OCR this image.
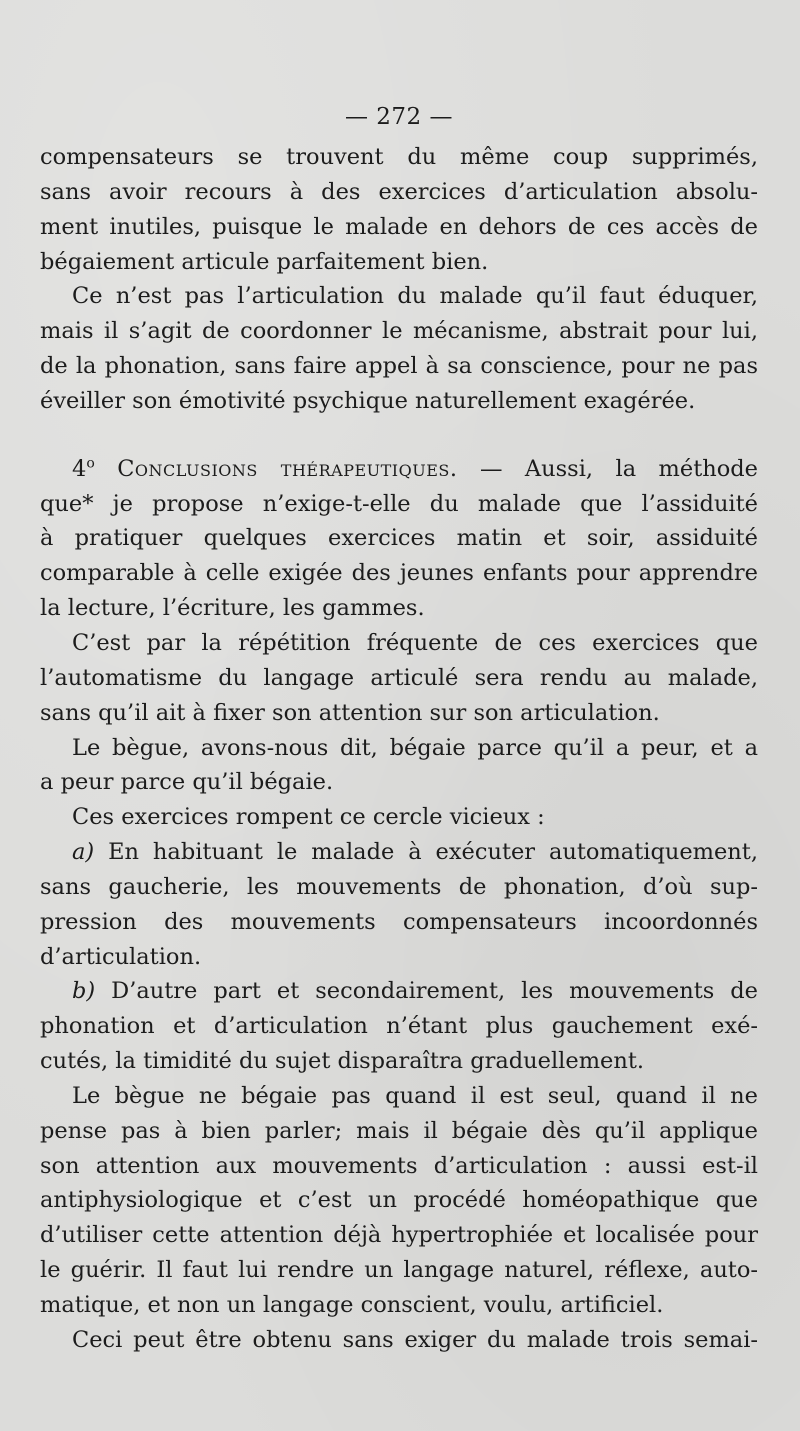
— 272 —
compensateurs se trouvent du même coup supprimés,
sans avoir recours à des exercices d’articulation absolu-
ment inutiles, puisque le malade en dehors de ces accès de
bégaiement articule parfaitement bien.
Ce n’est pas l’articulation du malade qu’il faut éduquer,
mais il s’agit de coordonner le mécanisme, abstrait pour lui,
de la phonation, sans faire appel à sa conscience, pour ne pas
éveiller son émotivité psychique naturellement exagérée.
4$^o$ Conclusions thérapeutiques. — Aussi, la méthode
que* je propose n’exige-t-elle du malade que l’assiduité
à pratiquer quelques exercices matin et soir, assiduité
comparable à celle exigée des jeunes enfants pour apprendre
la lecture, l’écriture, les gammes.
C’est par la répétition fréquente de ces exercices que
l’automatisme du langage articulé sera rendu au malade,
sans qu’il ait à fixer son attention sur son articulation.
Le bègue, avons-nous dit, bégaie parce qu’il a peur, et a
a peur parce qu’il bégaie.
Ces exercices rompent ce cercle vicieux :
a) En habituant le malade à exécuter automatiquement,
sans gaucherie, les mouvements de phonation, d’où sup-
pression des mouvements compensateurs incoordonnés
d’articulation.
b) D’autre part et secondairement, les mouvements de
phonation et d’articulation n’étant plus gauchement exé-
cutés, la timidité du sujet disparaîtra graduellement.
Le bègue ne bégaie pas quand il est seul, quand il ne
pense pas à bien parler; mais il bégaie dès qu’il applique
son attention aux mouvements d’articulation : aussi est-il
antiphysiologique et c’est un procédé homéopathique que
d’utiliser cette attention déjà hypertrophiée et localisée pour
le guérir. Il faut lui rendre un langage naturel, réflexe, auto-
matique, et non un langage conscient, voulu, artificiel.
Ceci peut être obtenu sans exiger du malade trois semai-
